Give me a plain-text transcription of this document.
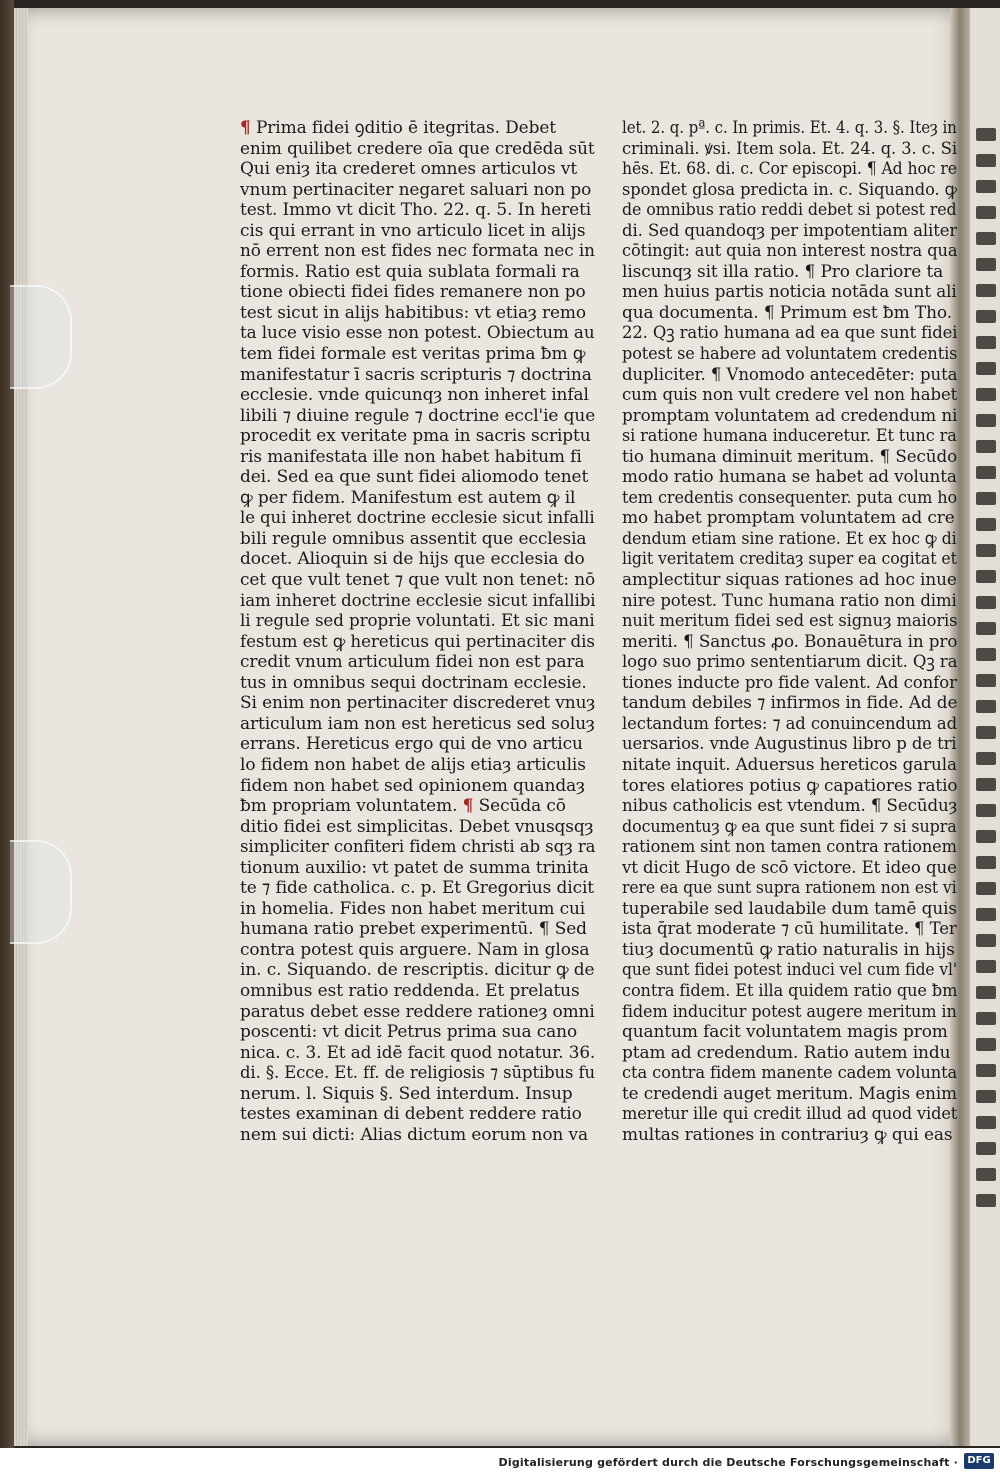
¶ Prima fidei ꝯditio ē itegritas. Debet
enim quilibet credere oīa que credēda sūt
Qui eniȝ ita crederet omnes articulos vt
vnum pertinaciter negaret saluari non po
test. Immo vt dicit Tho. 22. q. 5. In hereti
cis qui errant in vno articulo licet in alijs
nō errent non est fides nec formata nec in
formis. Ratio est quia sublata formali ra
tione obiecti fidei fides remanere non po
test sicut in alijs habitibus: vt etiaȝ remo
ta luce visio esse non potest. Obiectum au
tem fidei formale est veritas prima ƀm ꝙ
manifestatur ī sacris scripturis ⁊ doctrina
ecclesie. vnde quicunqȝ non inheret infal
libili ⁊ diuine regule ⁊ doctrine eccl'ie que
procedit ex veritate pma in sacris scriptu
ris manifestata ille non habet habitum fi
dei. Sed ea que sunt fidei aliomodo tenet
ꝙ per fidem. Manifestum est autem ꝙ il
le qui inheret doctrine ecclesie sicut infalli
bili regule omnibus assentit que ecclesia
docet. Alioquin si de hijs que ecclesia do
cet que vult tenet ⁊ que vult non tenet: nō
iam inheret doctrine ecclesie sicut infallibi
li regule sed proprie voluntati. Et sic mani
festum est ꝙ hereticus qui pertinaciter dis
credit vnum articulum fidei non est para
tus in omnibus sequi doctrinam ecclesie.
Si enim non pertinaciter discrederet vnuȝ
articulum iam non est hereticus sed soluȝ
errans. Hereticus ergo qui de vno articu
lo fidem non habet de alijs etiaȝ articulis
fidem non habet sed opinionem quandaȝ
ƀm propriam voluntatem. ¶ Secūda cō
ditio fidei est simplicitas. Debet vnusqsqȝ
simpliciter confiteri fidem christi ab sqȝ ra
tionum auxilio: vt patet de summa trinita
te ⁊ fide catholica. c. p. Et Gregorius dicit
in homelia. Fides non habet meritum cui
humana ratio prebet experimentū. ¶ Sed
contra potest quis arguere. Nam in glosa
in. c. Siquando. de rescriptis. dicitur ꝙ de
omnibus est ratio reddenda. Et prelatus
paratus debet esse reddere rationeȝ omni
poscenti: vt dicit Petrus prima sua cano
nica. c. 3. Et ad idē facit quod notatur. 36.
di. §. Ecce. Et. ff. de religiosis ⁊ sūptibus fu
nerum. l. Siquis §. Sed interdum. Insup
testes examinan di debent reddere ratio
nem sui dicti: Alias dictum eorum non va
let. 2. q. pª. c. In primis. Et. 4. q. 3. §. Iteȝ in
criminali. ꝟsi. Item sola. Et. 24. q. 3. c. Si
hēs. Et. 68. di. c. Cor episcopi. ¶ Ad hoc re
spondet glosa predicta in. c. Siquando. ꝙ
de omnibus ratio reddi debet si potest red
di. Sed quandoqȝ per impotentiam aliter
cōtingit: aut quia non interest nostra qua
liscunqȝ sit illa ratio. ¶ Pro clariore ta
men huius partis noticia notāda sunt ali
qua documenta. ¶ Primum est ƀm Tho.
22. Qꝫ ratio humana ad ea que sunt fidei
potest se habere ad voluntatem credentis
dupliciter. ¶ Vnomodo antecedēter: puta
cum quis non vult credere vel non habet
promptam voluntatem ad credendum ni
si ratione humana induceretur. Et tunc ra
tio humana diminuit meritum. ¶ Secūdo
modo ratio humana se habet ad volunta
tem credentis consequenter. puta cum ho
mo habet promptam voluntatem ad cre
dendum etiam sine ratione. Et ex hoc ꝙ di
ligit veritatem creditaȝ super ea cogitat et
amplectitur siquas rationes ad hoc inue
nire potest. Tunc humana ratio non dimi
nuit meritum fidei sed est signuȝ maioris
meriti. ¶ Sanctus ꝓo. Bonauētura in pro
logo suo primo sententiarum dicit. Qꝫ ra
tiones inducte pro fide valent. Ad confor
tandum debiles ⁊ infirmos in fide. Ad de
lectandum fortes: ⁊ ad conuincendum ad
uersarios. vnde Augustinus libro p de tri
nitate inquit. Aduersus hereticos garula
tores elatiores potius ꝙ capatiores ratio
nibus catholicis est vtendum. ¶ Secūduȝ
documentuȝ ꝙ ea que sunt fidei ⁊ si supra
rationem sint non tamen contra rationem
vt dicit Hugo de scō victore. Et ideo que
rere ea que sunt supra rationem non est vi
tuperabile sed laudabile dum tamē quis
ista q̄rat moderate ⁊ cū humilitate. ¶ Ter
tiuȝ documentū ꝙ ratio naturalis in hijs
que sunt fidei potest induci vel cum fide vl'
contra fidem. Et illa quidem ratio que ƀm
fidem inducitur potest augere meritum in
quantum facit voluntatem magis prom
ptam ad credendum. Ratio autem indu
cta contra fidem manente cadem volunta
te credendi auget meritum. Magis enim
meretur ille qui credit illud ad quod videt
multas rationes in contrariuȝ ꝙ qui eas
Digitalisierung gefördert durch die Deutsche Forschungsgemeinschaft · DFG
